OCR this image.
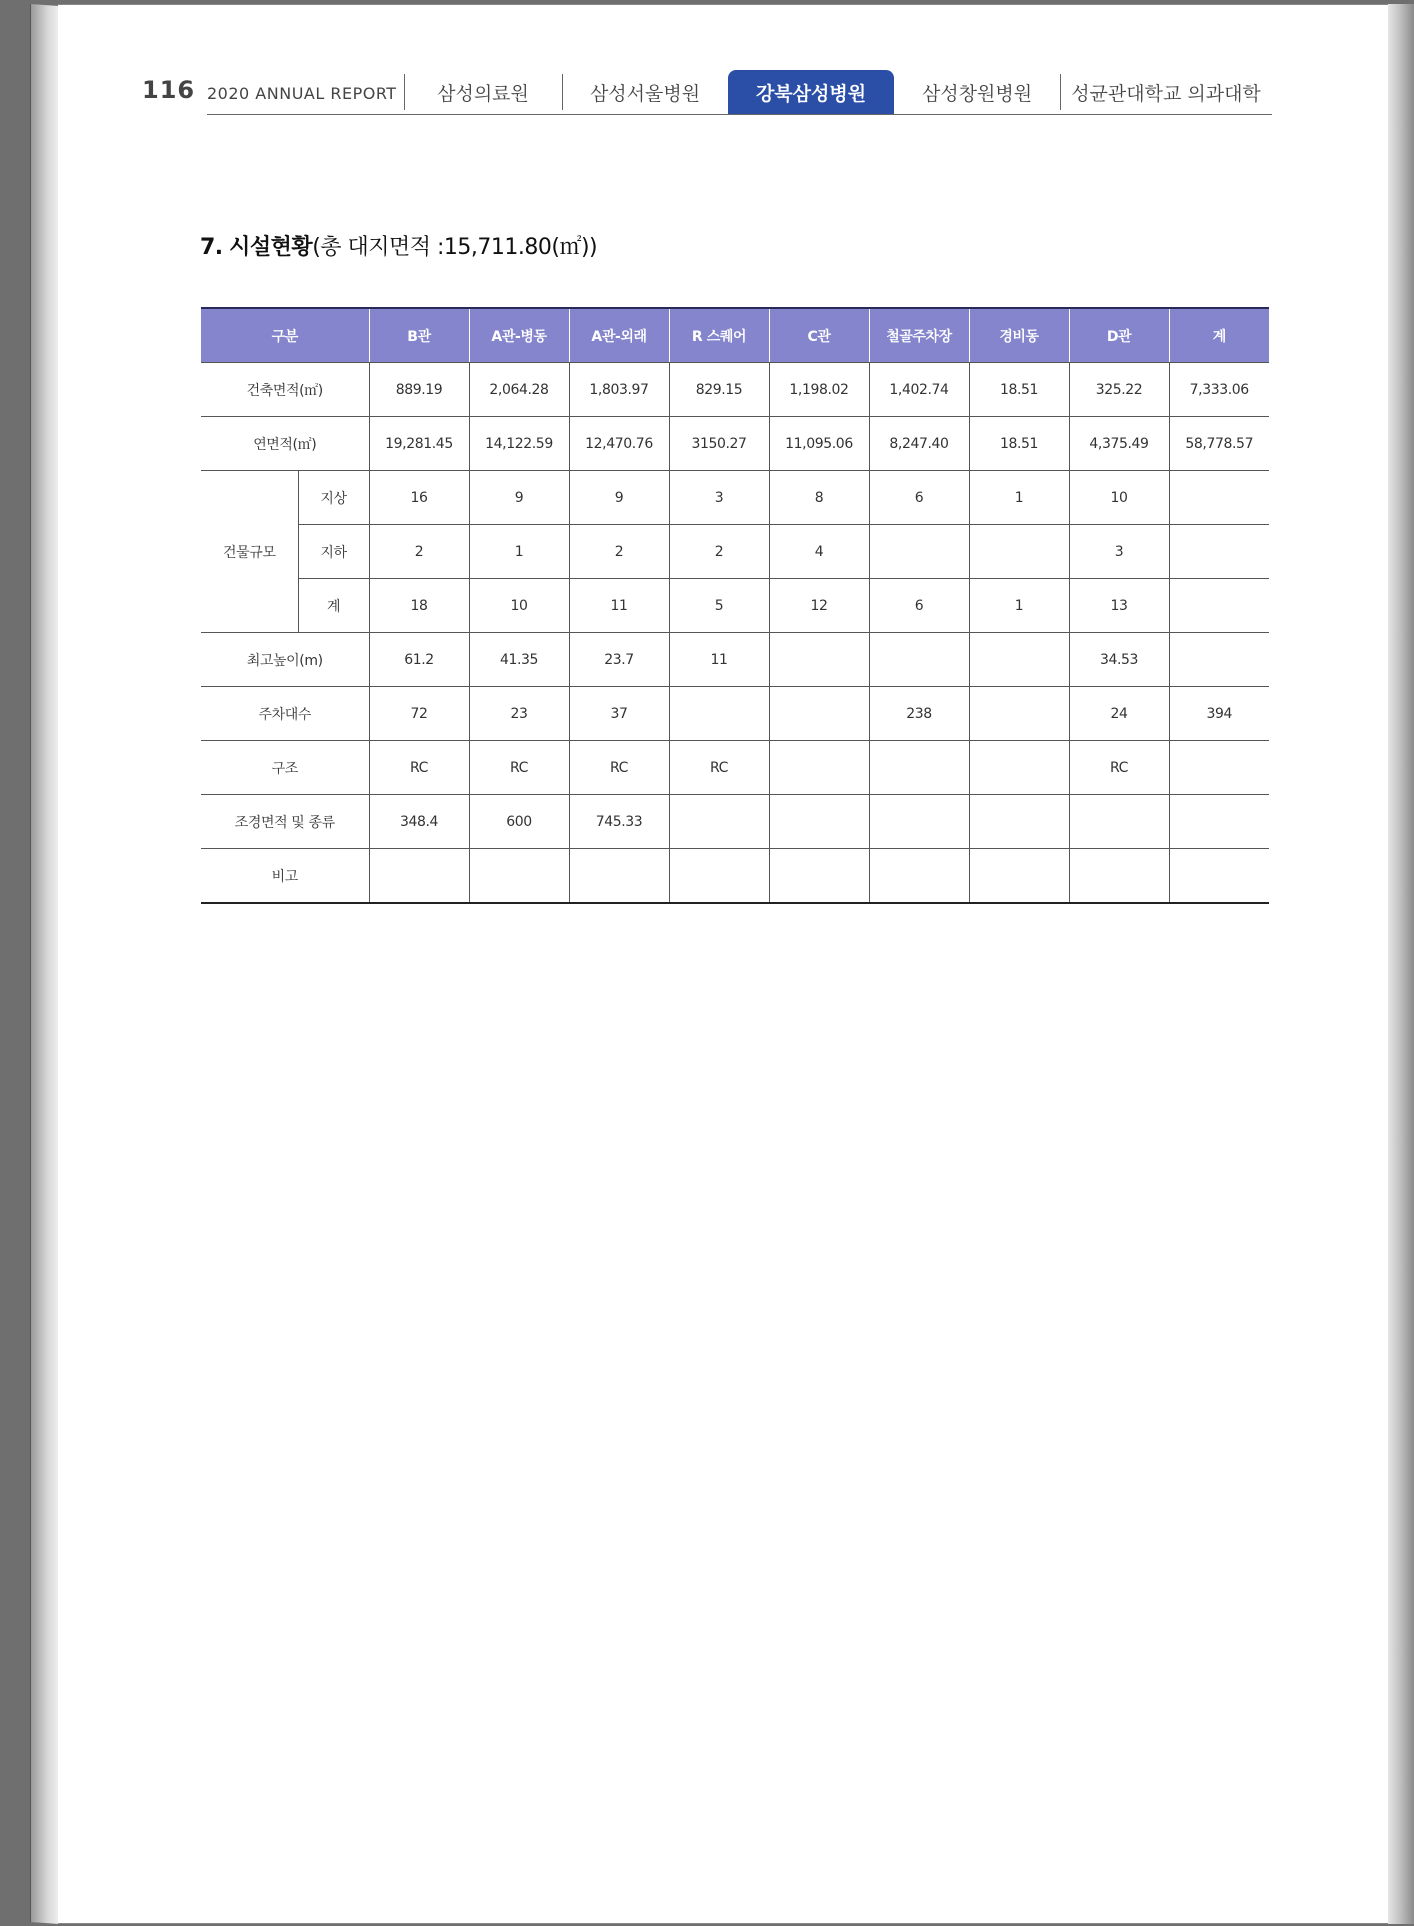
116 2020 ANNUAL REPORT 삼성의료원	삼성서울병원	강북삼성병원	삼성창원병원 성균관대학교 의과대학
7. 시설현황(총 대지면적 :15,711.80(㎡))
구분		B관	A관-병동	A관-외래	R 스퀘어	C관	철골주차장	경비동	D관	계
건축면적(㎡)		889.19	2,064.28	1,803.97	829.15	1,198.02	1,402.74	18.51	325.22	7,333.06
연면적(㎡)		19,281.45	14,122.59	12,470.76	3150.27	11,095.06	8,247.40	18.51	4,375.49	58,778.57
건물규모	지상	16	9	9	3	8	6	1	10	
	지하	2	1	2	2	4			3	
	계	18	10	11	5	12	6	1	13	
최고높이(m)		61.2	41.35	23.7	11				34.53	
주차대수		72	23	37			238		24	394
구조		RC	RC	RC	RC				RC	
조경면적 및 종류		348.4	600	745.33						
비고										
